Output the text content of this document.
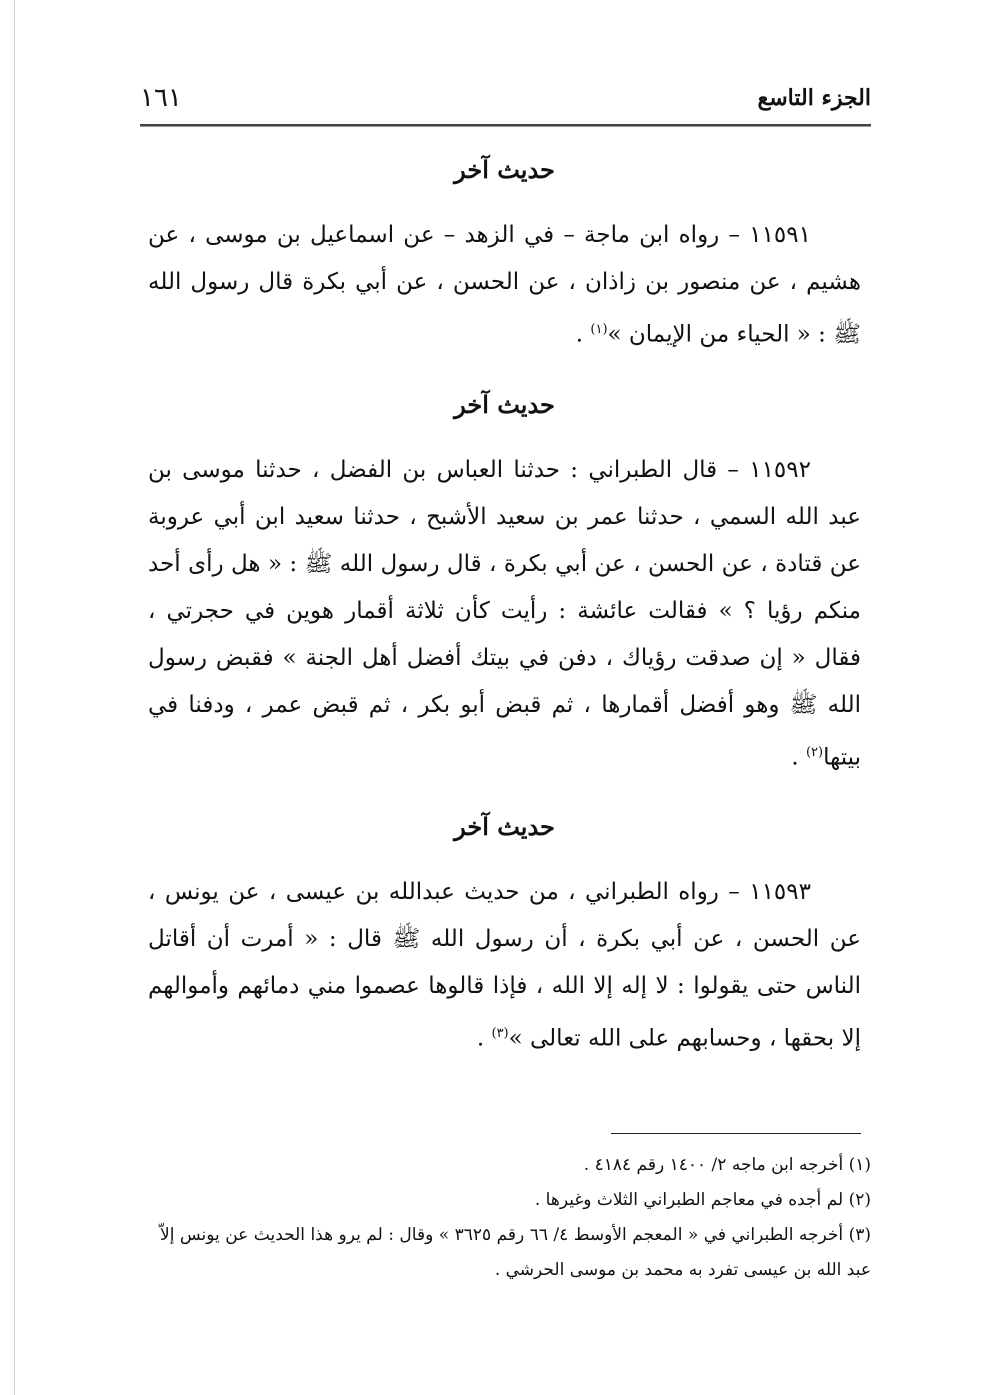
الجزء التاسع
١٦١
حديث آخر

١١٥٩١ – رواه ابن ماجة – في الزهد – عن اسماعيل بن موسى ، عن هشيم ، عن منصور بن زاذان ، عن الحسن ، عن أبي بكرة قال رسول الله ﷺ : « الحياء من الإيمان »$^{(١)}$ .

حديث آخر

١١٥٩٢ – قال الطبراني : حدثنا العباس بن الفضل ، حدثنا موسى بن عبد الله السمي ، حدثنا عمر بن سعيد الأشبح ، حدثنا سعيد ابن أبي عروبة عن قتادة ، عن الحسن ، عن أبي بكرة ، قال رسول الله ﷺ : « هل رأى أحد منكم رؤيا ؟ » فقالت عائشة : رأيت كأن ثلاثة أقمار هوين في حجرتي ، فقال « إن صدقت رؤياك ، دفن في بيتك أفضل أهل الجنة » فقبض رسول الله ﷺ وهو أفضل أقمارها ، ثم قبض أبو بكر ، ثم قبض عمر ، ودفنا في بيتها$^{(٢)}$ .

حديث آخر

١١٥٩٣ – رواه الطبراني ، من حديث عبدالله بن عيسى ، عن يونس ، عن الحسن ، عن أبي بكرة ، أن رسول الله ﷺ قال : « أمرت أن أقاتل الناس حتى يقولوا : لا إله إلا الله ، فإذا قالوها عصموا مني دمائهم وأموالهم إلا بحقها ، وحسابهم على الله تعالى »$^{(٣)}$ .

(١) أخرجه ابن ماجه ٢/ ١٤٠٠ رقم ٤١٨٤ .

(٢) لم أجده في معاجم الطبراني الثلاث وغيرها .

(٣) أخرجه الطبراني في « المعجم الأوسط ٤/ ٦٦ رقم ٣٦٢٥ » وقال : لم يرو هذا الحديث عن يونس إلاّ عبد الله بن عيسى تفرد به محمد بن موسى الحرشي .
